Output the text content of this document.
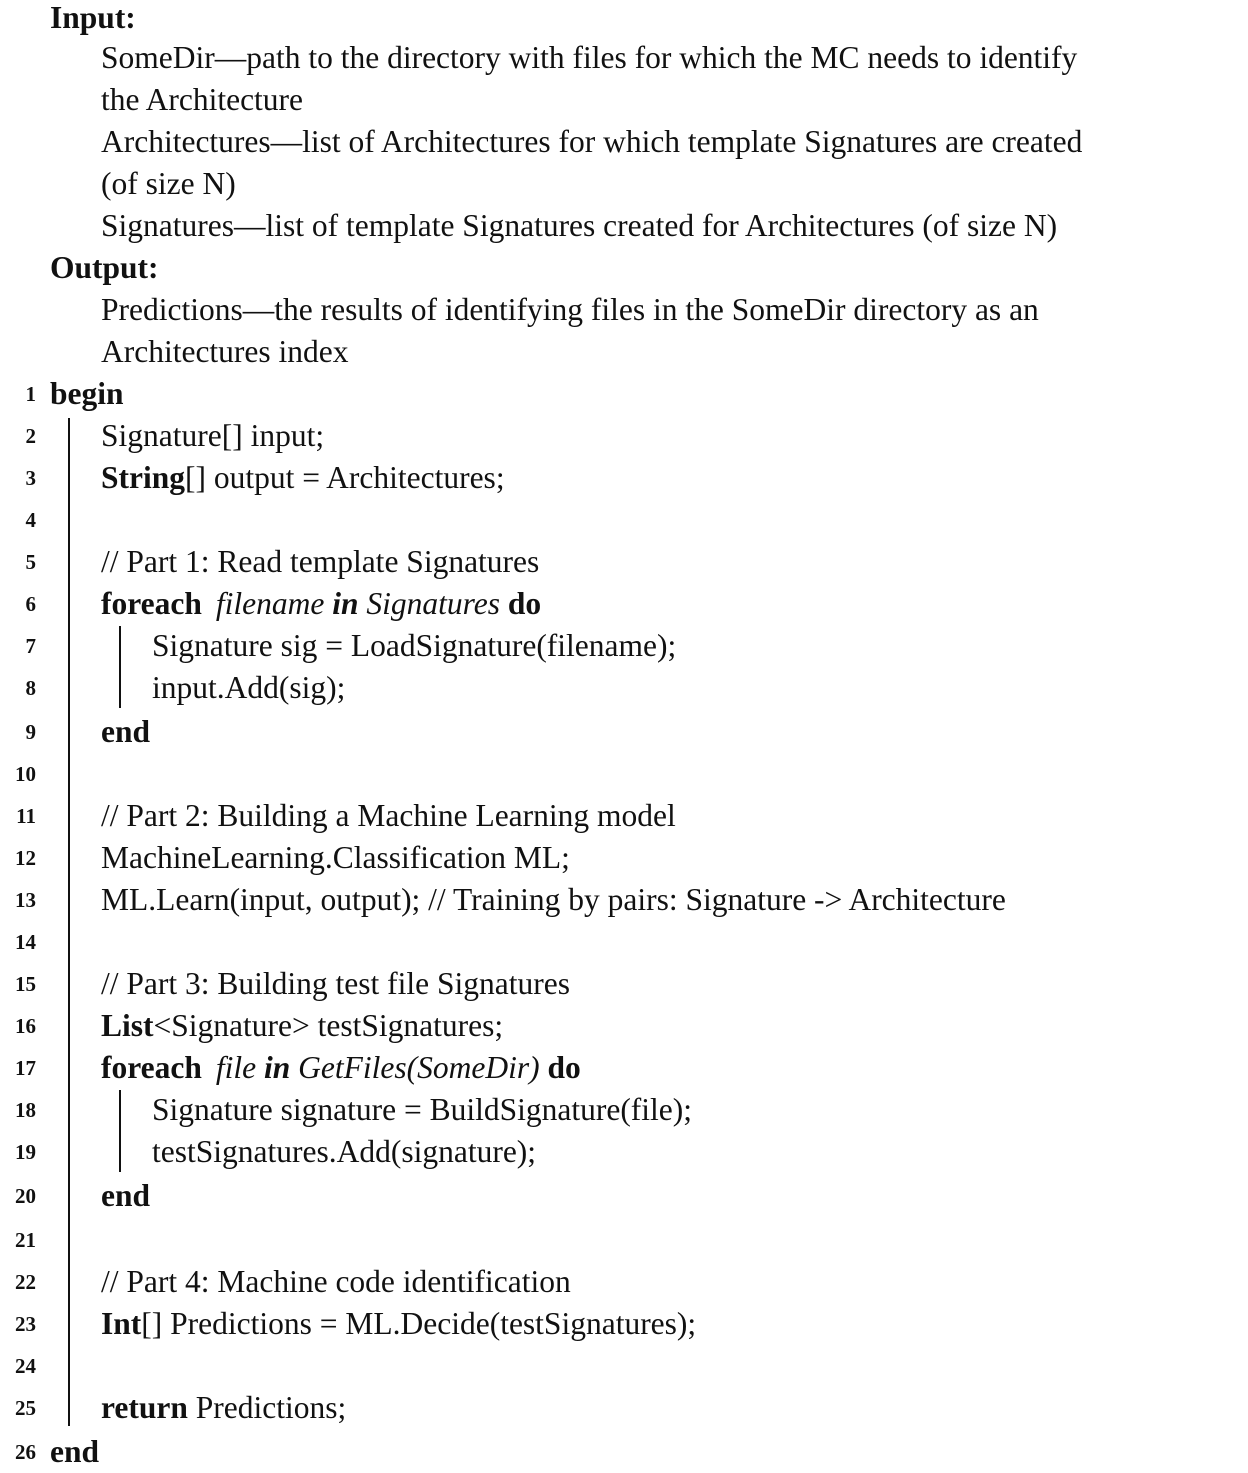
Input:
SomeDir—path to the directory with files for which the MC needs to identify
the Architecture
Architectures—list of Architectures for which template Signatures are created
(of size N)
Signatures—list of template Signatures created for Architectures (of size N)
Output:
Predictions—the results of identifying files in the SomeDir directory as an
Architectures index
1
2
3
4
5
6
7
8
9
10
11
12
13
14
15
16
17
18
19
20
21
22
23
24
25
26
begin
Signature[] input;
String[] output = Architectures;
// Part 1: Read template Signatures
foreach filename in Signatures do
Signature sig = LoadSignature(filename);
input.Add(sig);
end
// Part 2: Building a Machine Learning model
MachineLearning.Classification ML;
ML.Learn(input, output); // Training by pairs: Signature -> Architecture
// Part 3: Building test file Signatures
List<Signature> testSignatures;
foreach file in GetFiles(SomeDir) do
Signature signature = BuildSignature(file);
testSignatures.Add(signature);
end
// Part 4: Machine code identification
Int[] Predictions = ML.Decide(testSignatures);
return Predictions;
end
